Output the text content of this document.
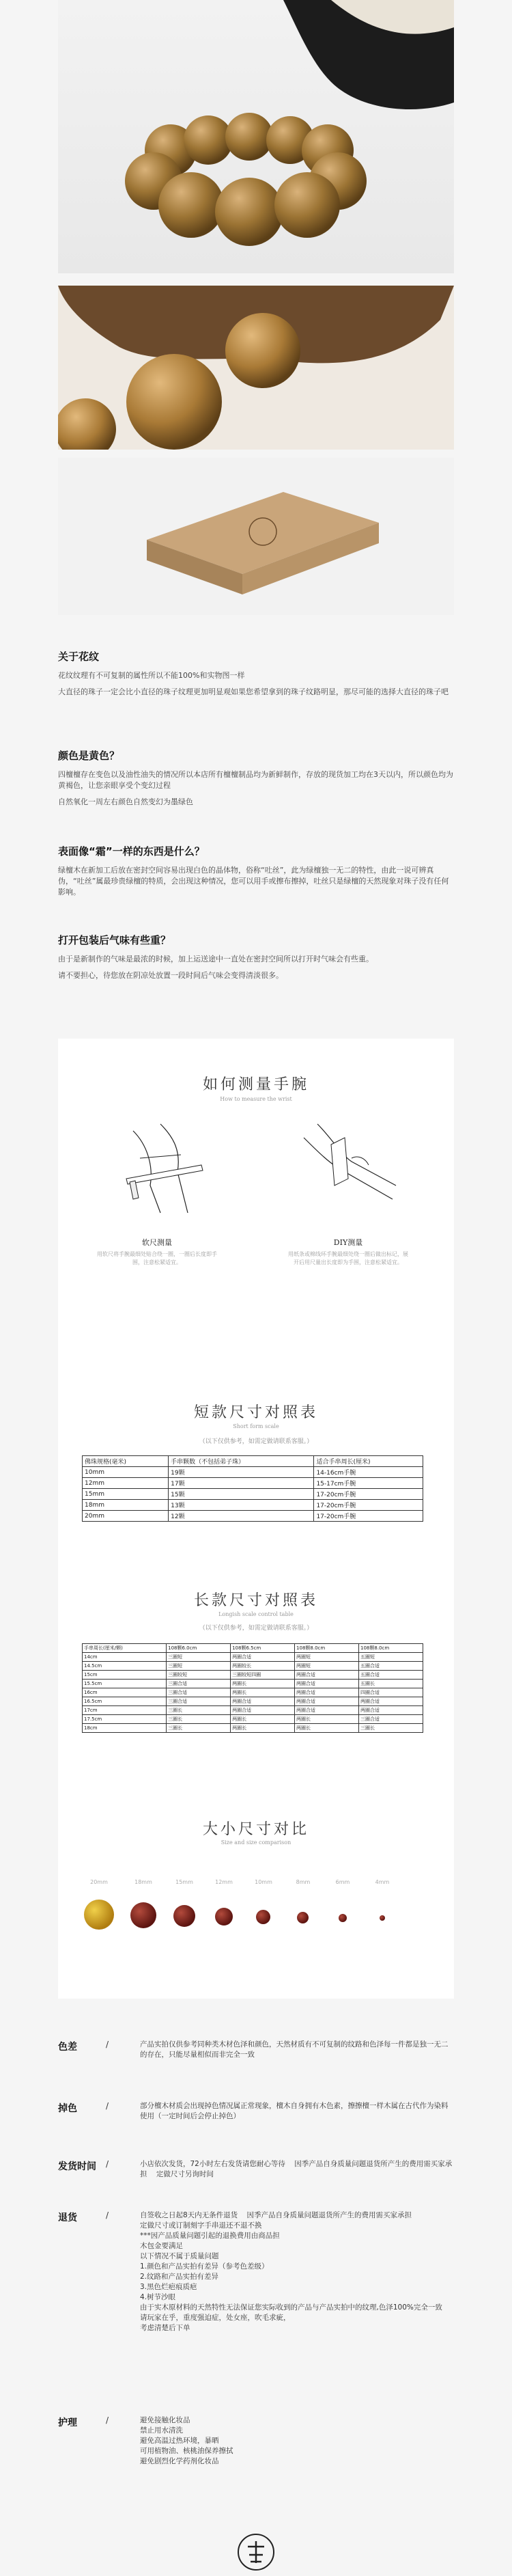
关于花纹

花纹纹理有不可复制的属性所以不能100%和实物图一样

大直径的珠子一定会比小直径的珠子纹理更加明显观如果您希望拿到的珠子纹路明显，那尽可能的选择大直径的珠子吧

颜色是黄色？

四檀檀存在变色以及油性油失的情况所以本店所有檀檀制品均为新鲜制作，存放的现货加工均在3天以内，所以颜色均为黄褐色，让您亲眼享受个变幻过程

自然氧化一周左右颜色自然变幻为墨绿色

表面像“霜”一样的东西是什么？

绿檀木在新加工后放在密封空间容易出现白色的晶体物，俗称“吐丝”，此为绿檀独一无二的特性，由此一说可辨真伪，“吐丝”属最珍贵绿檀的特质，会出现这种情况，您可以用手或擦布擦掉，吐丝只是绿檀的天然现象对珠子没有任何影响。

打开包装后气味有些重？

由于是新制作的气味是最浓的时候，加上运送途中一直处在密封空间所以打开时气味会有些重。

请不要担心，待您放在阴凉处放置一段时间后气味会变得清淡很多。

如何测量手腕
How to measure the wrist
软尺测量
用软尺将手腕最细处贴合绕一圈，一圈后长度即手围，注意松紧适宜。
DIY测量
用纸条或棉线环手腕最细处绕一圈后做出标记，展开后用尺量出长度即为手围，注意松紧适宜。
短款尺寸对照表
Short form scale
（以下仅供参考，如需定做请联系客服。）
佛珠规格(毫米)	手串颗数（不包括弟子珠）	适合手串周长(厘米)
10mm	19颗	14-16cm手腕
12mm	17颗	15-17cm手腕
15mm	15颗	17-20cm手腕
18mm	13颗	17-20cm手腕
20mm	12颗	17-20cm手腕
长款尺寸对照表
Longish scale control table
（以下仅供参考，如需定做请联系客服。）
手串周长(厘米/颗)	108颗6.0cm	108颗6.5cm	108颗8.0cm	108颗8.0cm
14cm	三圈短	两圈合适	两圈短	五圈短
14.5cm	三圈短	两圈较长	两圈短	五圈合适
15cm	三圈较短	三圈较短四圈	两圈合适	五圈合适
15.5cm	三圈合适	两圈长	两圈合适	五圈长
16cm	三圈合适	两圈长	两圈合适	四圈合适
16.5cm	三圈合适	两圈合适	两圈合适	两圈合适
17cm	三圈长	两圈合适	两圈合适	两圈合适
17.5cm	三圈长	两圈长	两圈长	三圈合适
18cm	三圈长	两圈长	两圈长	三圈长
大小尺寸对比
Size and size comparison
20mm	18mm	15mm	12mm	10mm	8mm	6mm	4mm
色差	/	产品实拍仅供参考同种类木材色泽和颜色，天然材质有不可复制的纹路和色泽每一件都是独一无二的存在，只能尽量相似而非完全一致
掉色	/	部分檀木材质会出现掉色情况属正常现象，檀木自身拥有木色素，擦擦檀一样木属在古代作为染料使用（一定时间后会停止掉色）
发货时间 /	小店依次发货，72小时左右发货请您耐心等待    因季产品自身质量问题退货所产生的费用需买家承担    定做尺寸另询时间
退货	/	自签收之日起8天内无条件退货    因季产品自身质量问题退货所产生的费用需买家承担
定做尺寸或订制刻字手串退还不退不换
***因产品质量问题引起的退换费用由商品担
木包金要满足
以下情况不属于质量问题
1.颜色和产品实拍有差异（参考色差级）
2.纹路和产品实拍有差异
3.黑色烂疤痕质疤
4.树节沙眼
由于实木原材料的天然特性无法保证您实际收到的产品与产品实拍中的纹理,色泽100%完全一致
请玩家在乎，重度强迫症，处女座，吹毛求疵，
考虑清楚后下单
护理	/	避免接触化妆品
禁止用水清洗
避免高温过热环境，暴晒
可用植物油、核桃油保养擦拭
避免剧烈化学药剂化妆品
